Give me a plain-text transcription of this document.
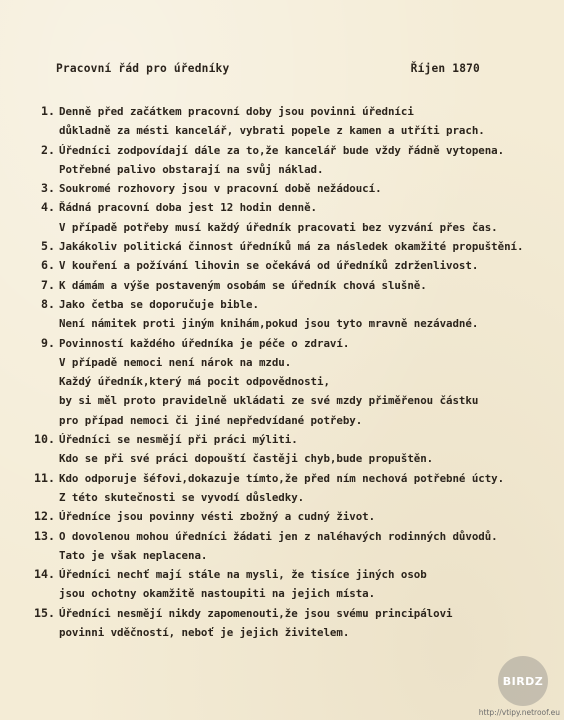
Pracovní řád pro úředníky	Říjen 1870
1. Denně před začátkem pracovní doby jsou povinni úředníci
důkladně za mésti kancelář, vybrati popele z kamen a utříti prach.
2. Úředníci zodpovídají dále za to,že kancelář bude vždy řádně vytopena.
Potřebné palivo obstarají na svůj náklad.
3. Soukromé rozhovory jsou v pracovní době nežádoucí.
4. Řádná pracovní doba jest 12 hodin denně.
V případě potřeby musí každý úředník pracovati bez vyzvání přes čas.
5. Jakákoliv politická činnost úředníků má za následek okamžité propuštění.
6. V kouření a požívání lihovin se očekává od úředníků zdrženlivost.
7. K dámám a výše postaveným osobám se úředník chová slušně.
8. Jako četba se doporučuje bible.
Není námitek proti jiným knihám,pokud jsou tyto mravně nezávadné.
9. Povinností každého úředníka je péče o zdraví.
V případě nemoci není nárok na mzdu.
Každý úředník,který má pocit odpovědnosti,
by si měl proto pravidelně ukládati ze své mzdy přiměřenou částku
pro případ nemoci či jiné nepředvídané potřeby.
10. Úředníci se nesmějí při práci mýliti.
Kdo se při své práci dopouští častěji chyb,bude propuštěn.
11. Kdo odporuje šéfovi,dokazuje tímto,že před ním nechová potřebné úcty.
Z této skutečnosti se vyvodí důsledky.
12. Úředníce jsou povinny vésti zbožný a cudný život.
13. O dovolenou mohou úředníci žádati jen z naléhavých rodinných důvodů.
Tato je však neplacena.
14. Úředníci nechť mají stále na mysli, že tisíce jiných osob
jsou ochotny okamžitě nastoupiti na jejich místa.
15. Úředníci nesmějí nikdy zapomenouti,že jsou svému principálovi
povinni vděčností, neboť je jejich živitelem.
BIRDZ
http://vtipy.netroof.eu
